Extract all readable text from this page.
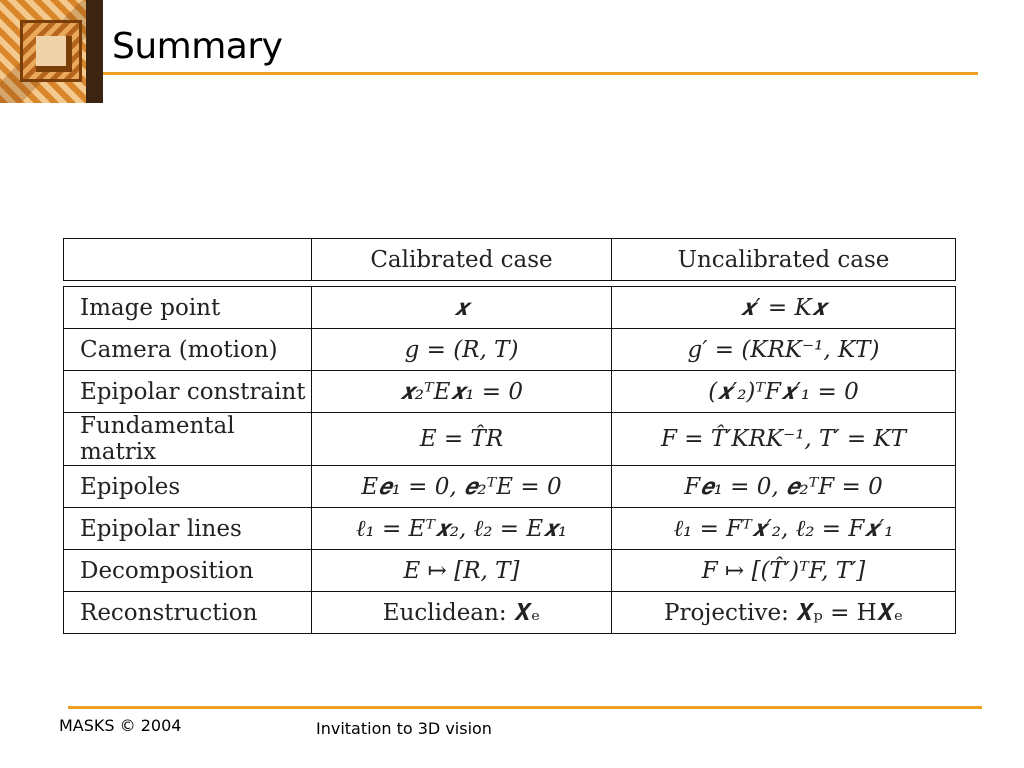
Summary
	Calibrated case	Uncalibrated case

Image point	𝒙	𝒙′ = K𝒙
Camera (motion)	g = (R, T)	g′ = (KRK⁻¹, KT)
Epipolar constraint	𝒙₂ᵀE𝒙₁ = 0	(𝒙′₂)ᵀF𝒙′₁ = 0
Fundamental matrix	E = T̂R	F = T̂′KRK⁻¹, T′ = KT
Epipoles	E𝒆₁ = 0, 𝒆₂ᵀE = 0	F𝒆₁ = 0, 𝒆₂ᵀF = 0
Epipolar lines	ℓ₁ = Eᵀ𝒙₂, ℓ₂ = E𝒙₁	ℓ₁ = Fᵀ𝒙′₂, ℓ₂ = F𝒙′₁
Decomposition	E ↦ [R, T]	F ↦ [(T̂′)ᵀF, T′]
Reconstruction	Euclidean: 𝑿ₑ	Projective: 𝑿ₚ = H𝑿ₑ
MASKS © 2004	Invitation to 3D vision
